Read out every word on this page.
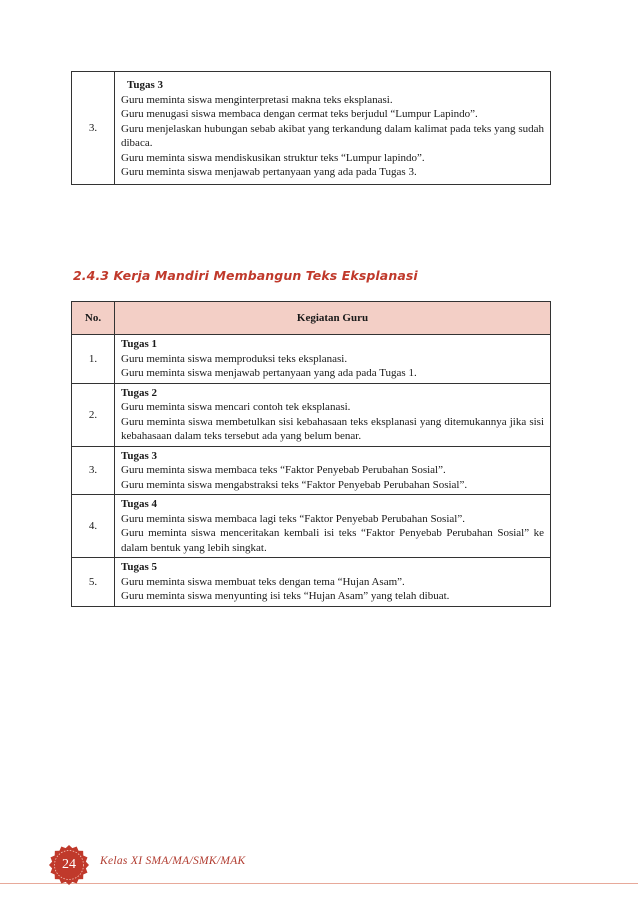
3.	
Tugas 3
Guru meminta siswa menginterpretasi makna teks eksplanasi.
Guru menugasi siswa membaca dengan cermat teks berjudul “Lumpur Lapindo”.
Guru menjelaskan hubungan sebab akibat yang terkandung dalam kalimat pada teks yang sudah dibaca.
Guru meminta siswa mendiskusikan struktur teks “Lumpur lapindo”.
Guru meminta siswa menjawab pertanyaan yang ada pada Tugas 3.
2.4.3 Kerja Mandiri Membangun Teks Eksplanasi
No.	Kegiatan Guru
1.	Tugas 1
Guru meminta siswa memproduksi teks eksplanasi.
Guru meminta siswa menjawab pertanyaan yang ada pada Tugas 1.

2.	Tugas 2
Guru meminta siswa mencari contoh tek eksplanasi.
Guru meminta siswa membetulkan sisi kebahasaan teks eksplanasi yang ditemukannya jika sisi kebahasaan dalam teks tersebut ada yang belum benar.

3.	Tugas 3
Guru meminta siswa membaca teks “Faktor Penyebab Perubahan Sosial”.
Guru meminta siswa mengabstraksi teks “Faktor Penyebab Perubahan Sosial”.

4.	Tugas 4
Guru meminta siswa membaca lagi teks “Faktor Penyebab Perubahan Sosial”.
Guru meminta siswa menceritakan kembali isi teks “Faktor Penyebab Perubahan Sosial” ke dalam bentuk yang lebih singkat.

5.	Tugas 5
Guru meminta siswa membuat teks dengan tema “Hujan Asam”.
Guru meminta siswa menyunting isi teks “Hujan Asam” yang telah dibuat.
24	Kelas XI SMA/MA/SMK/MAK
